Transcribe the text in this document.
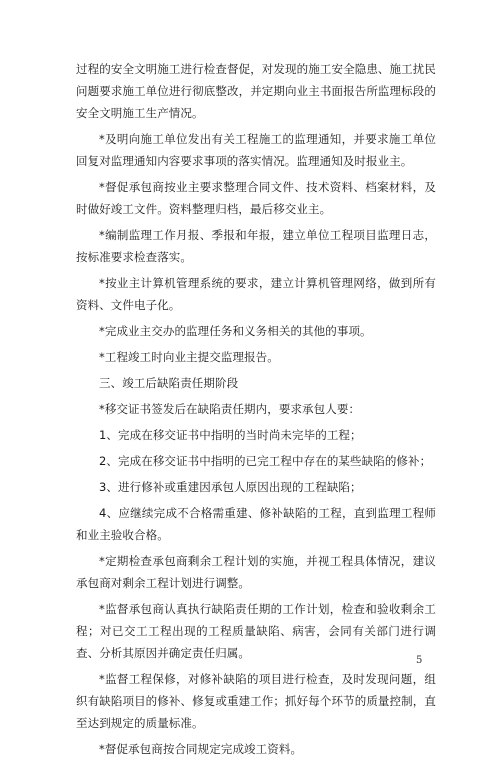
过程的安全文明施工进行检查督促，对发现的施工安全隐患、施工扰民问题要求施工单位进行彻底整改，并定期向业主书面报告所监理标段的安全文明施工生产情况。

*及明向施工单位发出有关工程施工的监理通知，并要求施工单位回复对监理通知内容要求事项的落实情况。监理通知及时报业主。

*督促承包商按业主要求整理合同文件、技术资料、档案材料，及时做好竣工文件。资料整理归档，最后移交业主。

*编制监理工作月报、季报和年报，建立单位工程项目监理日志，按标准要求检查落实。

*按业主计算机管理系统的要求，建立计算机管理网络，做到所有资料、文件电子化。

*完成业主交办的监理任务和义务相关的其他的事项。

*工程竣工时向业主提交监理报告。

三、竣工后缺陷责任期阶段

*移交证书签发后在缺陷责任期内，要求承包人要：

1、完成在移交证书中指明的当时尚未完毕的工程；

2、完成在移交证书中指明的已完工程中存在的某些缺陷的修补；

3、进行修补或重建因承包人原因出现的工程缺陷；

4、应继续完成不合格需重建、修补缺陷的工程，直到监理工程师和业主验收合格。

*定期检查承包商剩余工程计划的实施，并视工程具体情况，建议承包商对剩余工程计划进行调整。

*监督承包商认真执行缺陷责任期的工作计划，检查和验收剩余工程；对已交工工程出现的工程质量缺陷、病害，会同有关部门进行调查、分析其原因并确定责任归属。

*监督工程保修，对修补缺陷的项目进行检查，及时发现问题，组织有缺陷项目的修补、修复或重建工作；抓好每个环节的质量控制，直至达到规定的质量标准。

*督促承包商按合同规定完成竣工资料。

5
